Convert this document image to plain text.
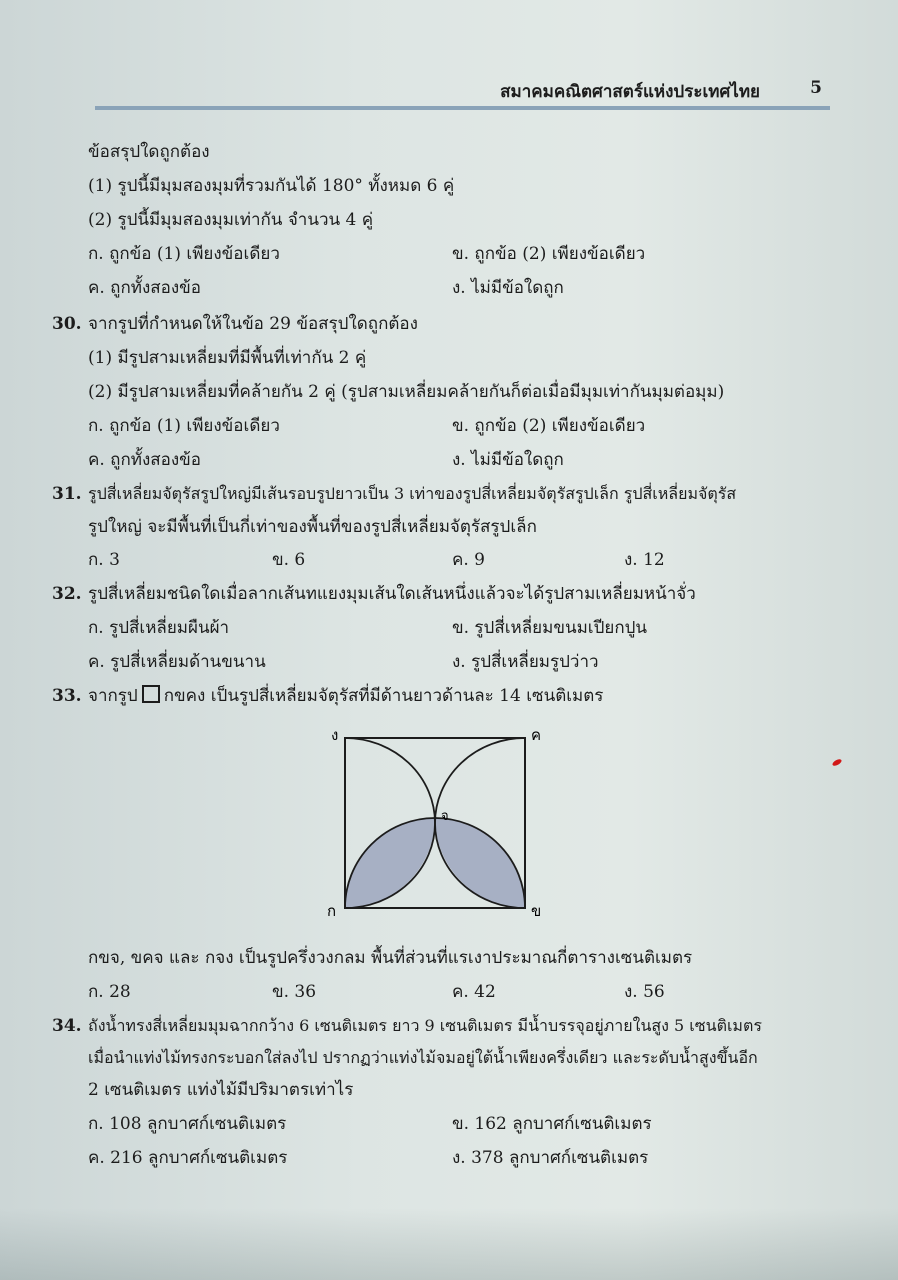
สมาคมคณิตศาสตร์แห่งประเทศไทย	5
ข้อสรุปใดถูกต้อง
(1) รูปนี้มีมุมสองมุมที่รวมกันได้ 180° ทั้งหมด 6 คู่
(2) รูปนี้มีมุมสองมุมเท่ากัน จำนวน 4 คู่
ก. ถูกข้อ (1) เพียงข้อเดียว	ข. ถูกข้อ (2) เพียงข้อเดียว
ค. ถูกทั้งสองข้อ	ง. ไม่มีข้อใดถูก
30. จากรูปที่กำหนดให้ในข้อ 29 ข้อสรุปใดถูกต้อง
(1) มีรูปสามเหลี่ยมที่มีพื้นที่เท่ากัน 2 คู่
(2) มีรูปสามเหลี่ยมที่คล้ายกัน 2 คู่ (รูปสามเหลี่ยมคล้ายกันก็ต่อเมื่อมีมุมเท่ากันมุมต่อมุม)
ก. ถูกข้อ (1) เพียงข้อเดียว	ข. ถูกข้อ (2) เพียงข้อเดียว
ค. ถูกทั้งสองข้อ	ง. ไม่มีข้อใดถูก
31. รูปสี่เหลี่ยมจัตุรัสรูปใหญ่มีเส้นรอบรูปยาวเป็น 3 เท่าของรูปสี่เหลี่ยมจัตุรัสรูปเล็ก รูปสี่เหลี่ยมจัตุรัส
รูปใหญ่ จะมีพื้นที่เป็นกี่เท่าของพื้นที่ของรูปสี่เหลี่ยมจัตุรัสรูปเล็ก
ก. 3	ข. 6	ค. 9	ง. 12
32. รูปสี่เหลี่ยมชนิดใดเมื่อลากเส้นทแยงมุมเส้นใดเส้นหนึ่งแล้วจะได้รูปสามเหลี่ยมหน้าจั่ว
ก. รูปสี่เหลี่ยมผืนผ้า	ข. รูปสี่เหลี่ยมขนมเปียกปูน
ค. รูปสี่เหลี่ยมด้านขนาน	ง. รูปสี่เหลี่ยมรูปว่าว
33. จากรูป กขคง เป็นรูปสี่เหลี่ยมจัตุรัสที่มีด้านยาวด้านละ 14 เซนติเมตร
ง	ค
ก	ข
จ
กขจ, ขคจ และ กจง เป็นรูปครึ่งวงกลม พื้นที่ส่วนที่แรเงาประมาณกี่ตารางเซนติเมตร
ก. 28	ข. 36	ค. 42	ง. 56
34. ถังน้ำทรงสี่เหลี่ยมมุมฉากกว้าง 6 เซนติเมตร ยาว 9 เซนติเมตร มีน้ำบรรจุอยู่ภายในสูง 5 เซนติเมตร
เมื่อนำแท่งไม้ทรงกระบอกใส่ลงไป ปรากฏว่าแท่งไม้จมอยู่ใต้น้ำเพียงครึ่งเดียว และระดับน้ำสูงขึ้นอีก
2 เซนติเมตร แท่งไม้มีปริมาตรเท่าไร
ก. 108 ลูกบาศก์เซนติเมตร	ข. 162 ลูกบาศก์เซนติเมตร
ค. 216 ลูกบาศก์เซนติเมตร	ง. 378 ลูกบาศก์เซนติเมตร
